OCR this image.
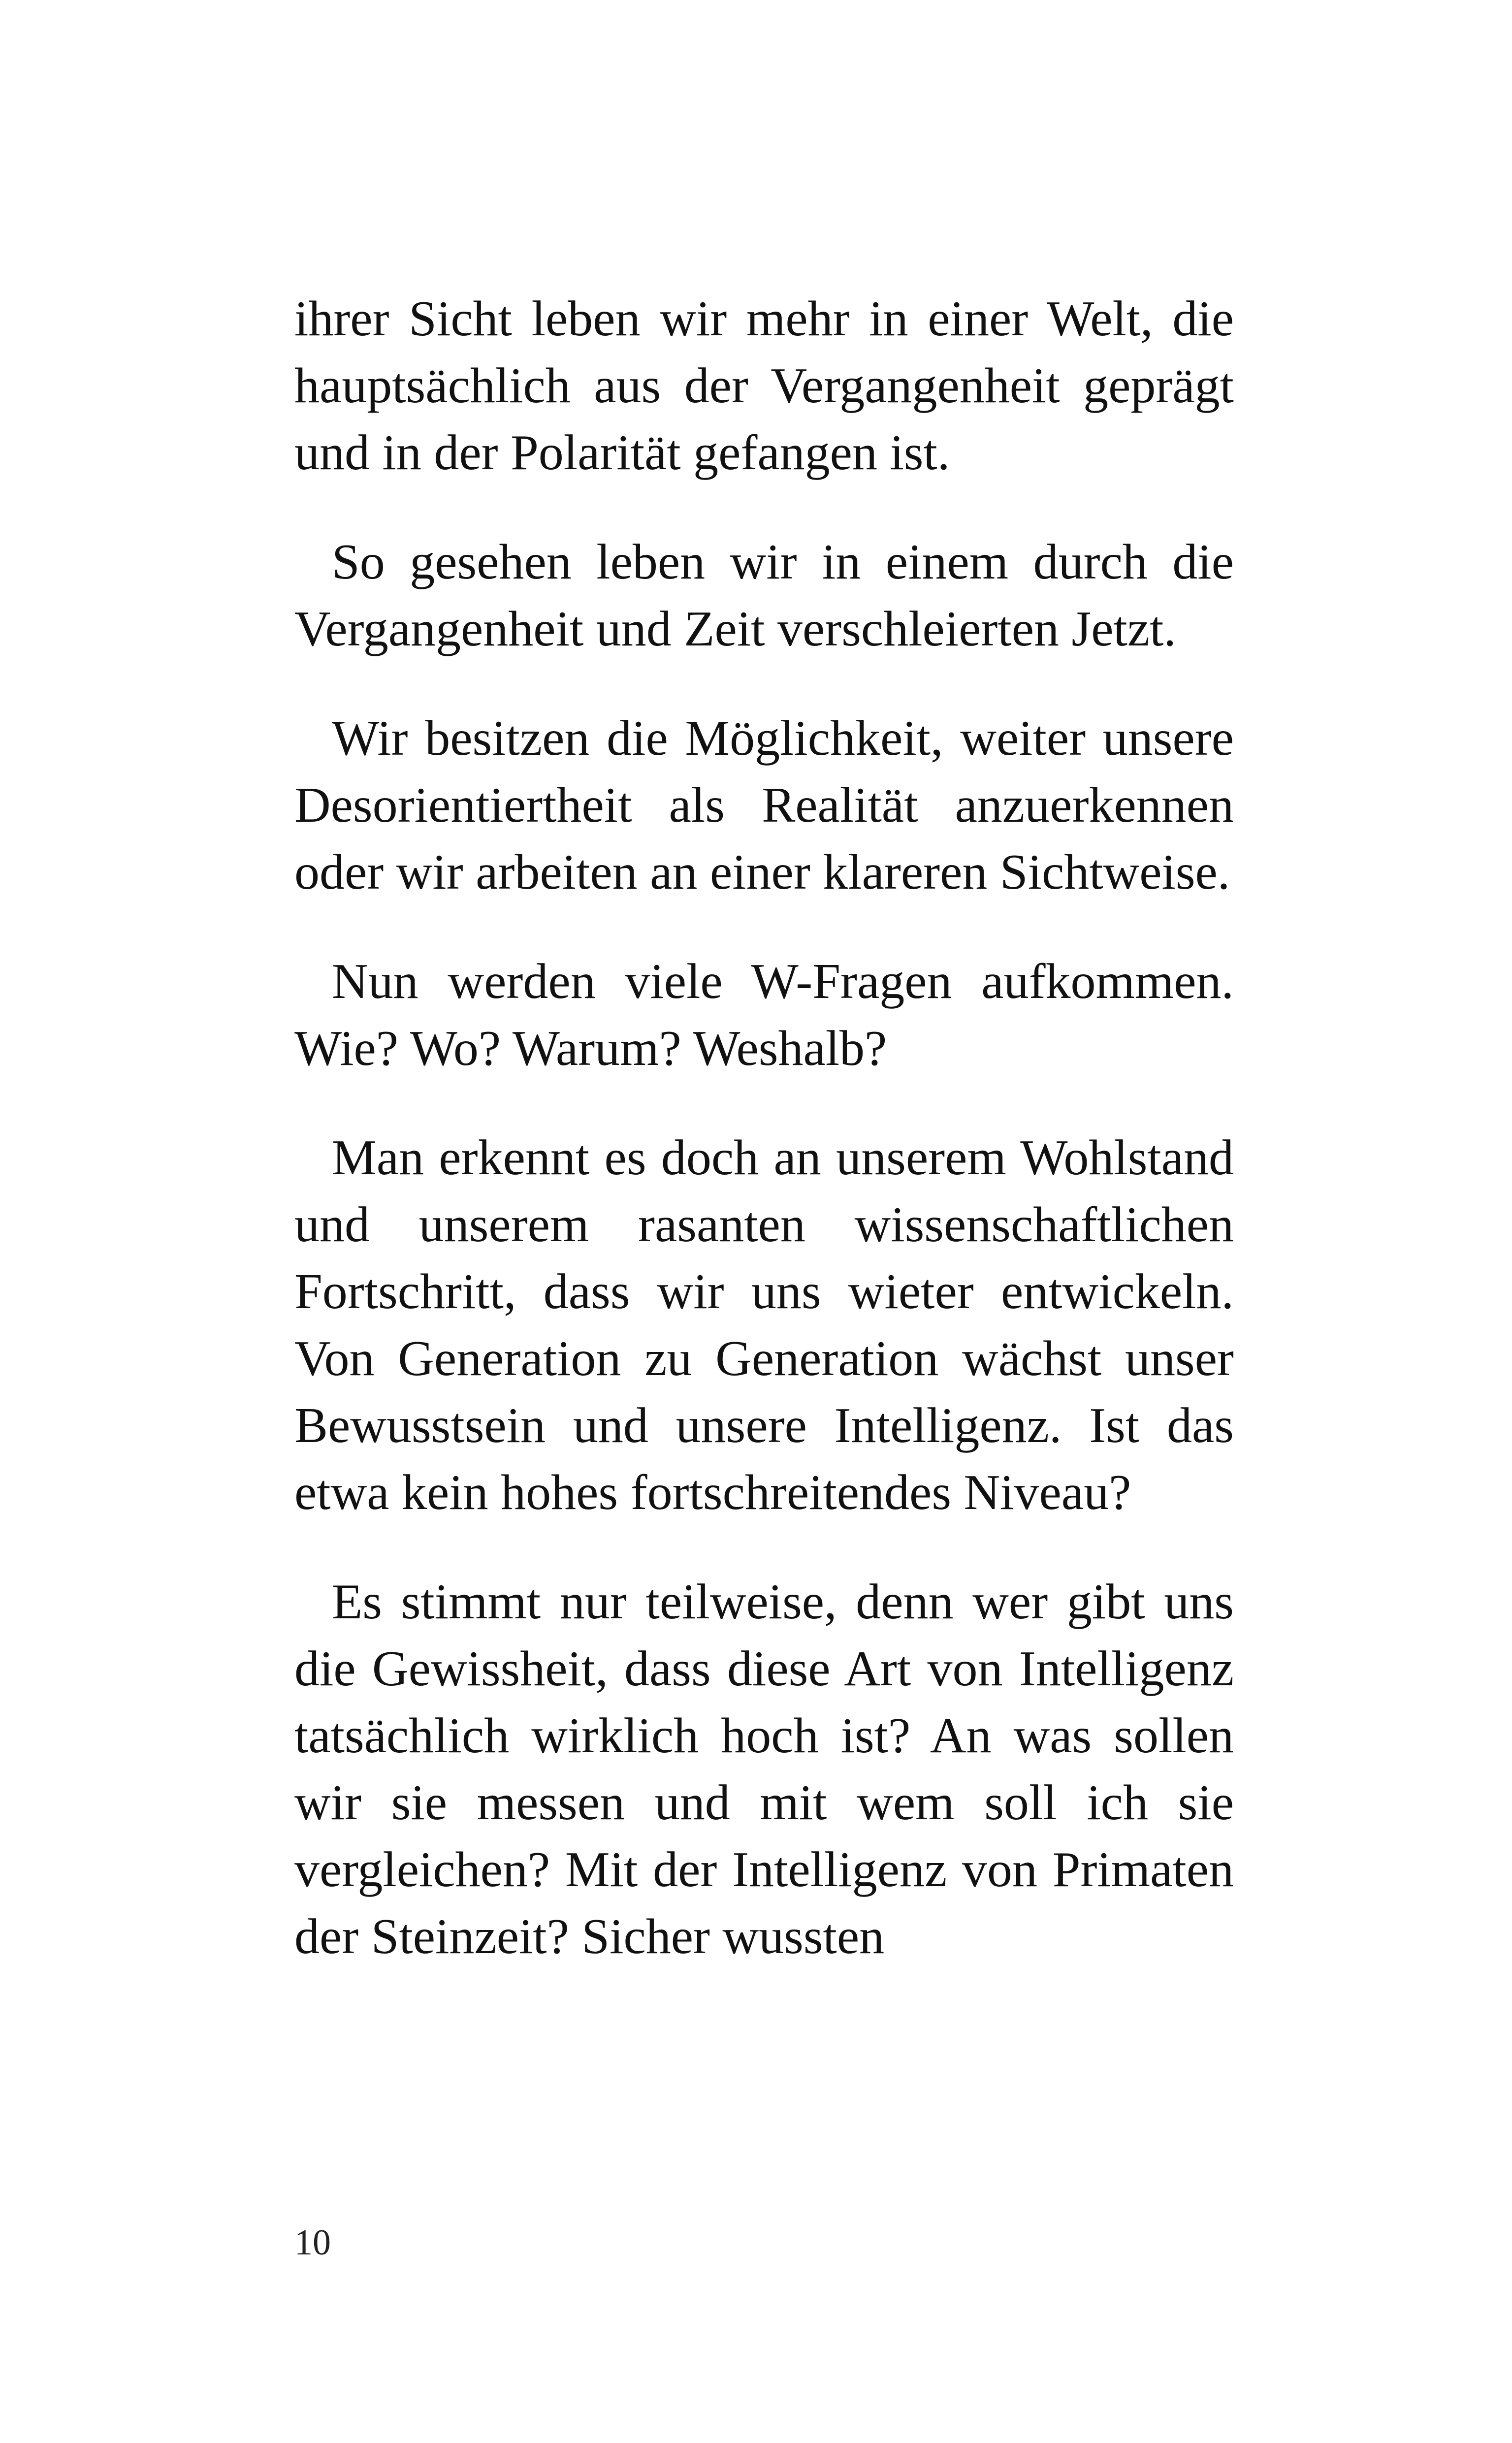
ihrer Sicht leben wir mehr in einer Welt, die hauptsächlich aus der Vergangenheit geprägt und in der Polarität gefangen ist.

So gesehen leben wir in einem durch die Vergangenheit und Zeit verschleierten Jetzt.

Wir besitzen die Möglichkeit, weiter unsere Desorientiertheit als Realität anzuerkennen oder wir arbeiten an einer klareren Sichtweise.

Nun werden viele W-Fragen aufkommen. Wie? Wo? Warum? Weshalb?

Man erkennt es doch an unserem Wohlstand und unserem rasanten wissenschaftlichen Fortschritt, dass wir uns wieter entwickeln. Von Generation zu Generation wächst unser Bewusstsein und unsere Intelligenz. Ist das etwa kein hohes fortschreitendes Niveau?

Es stimmt nur teilweise, denn wer gibt uns die Gewissheit, dass diese Art von Intelligenz tatsächlich wirklich hoch ist? An was sollen wir sie messen und mit wem soll ich sie vergleichen? Mit der Intelligenz von Primaten der Steinzeit? Sicher wussten

10
